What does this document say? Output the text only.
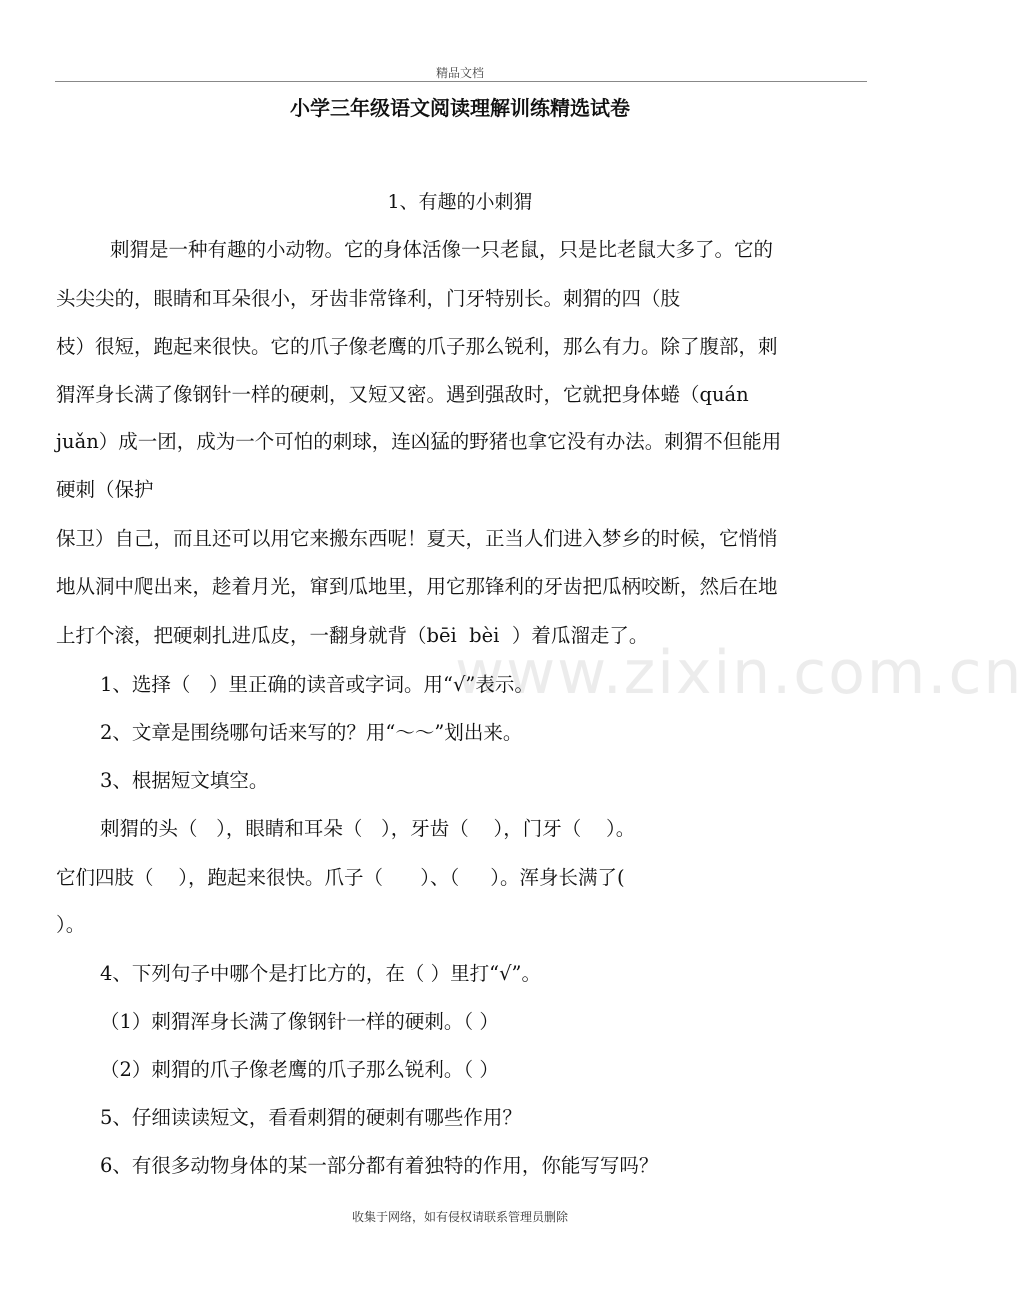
精品文档
小学三年级语文阅读理解训练精选试卷
1、有趣的小刺猬
刺猬是一种有趣的小动物。它的身体活像一只老鼠，只是比老鼠大多了。它的
头尖尖的，眼睛和耳朵很小，牙齿非常锋利，门牙特别长。刺猬的四（肢
枝）很短，跑起来很快。它的爪子像老鹰的爪子那么锐利，那么有力。除了腹部，刺
猬浑身长满了像钢针一样的硬刺，又短又密。遇到强敌时，它就把身体蜷（quán
juǎn）成一团，成为一个可怕的刺球，连凶猛的野猪也拿它没有办法。刺猬不但能用
硬刺（保护
保卫）自己，而且还可以用它来搬东西呢！夏天，正当人们进入梦乡的时候，它悄悄
地从洞中爬出来，趁着月光，窜到瓜地里，用它那锋利的牙齿把瓜柄咬断，然后在地
上打个滚，把硬刺扎进瓜皮，一翻身就背（bēi  bèi  ）着瓜溜走了。
www.zixin.com.cn
1、选择（   ）里正确的读音或字词。用“√”表示。
2、文章是围绕哪句话来写的？用“～～”划出来。
3、根据短文填空。
刺猬的头（   ），眼睛和耳朵（   ），牙齿（    ），门牙（    ）。
它们四肢（    ），跑起来很快。爪子（      ）、（     ）。浑身长满了(
）。
4、下列句子中哪个是打比方的，在（ ）里打“√”。
（1）刺猬浑身长满了像钢针一样的硬刺。（ ）
（2）刺猬的爪子像老鹰的爪子那么锐利。（ ）
5、仔细读读短文，看看刺猬的硬刺有哪些作用？
6、有很多动物身体的某一部分都有着独特的作用，你能写写吗？
收集于网络，如有侵权请联系管理员删除
